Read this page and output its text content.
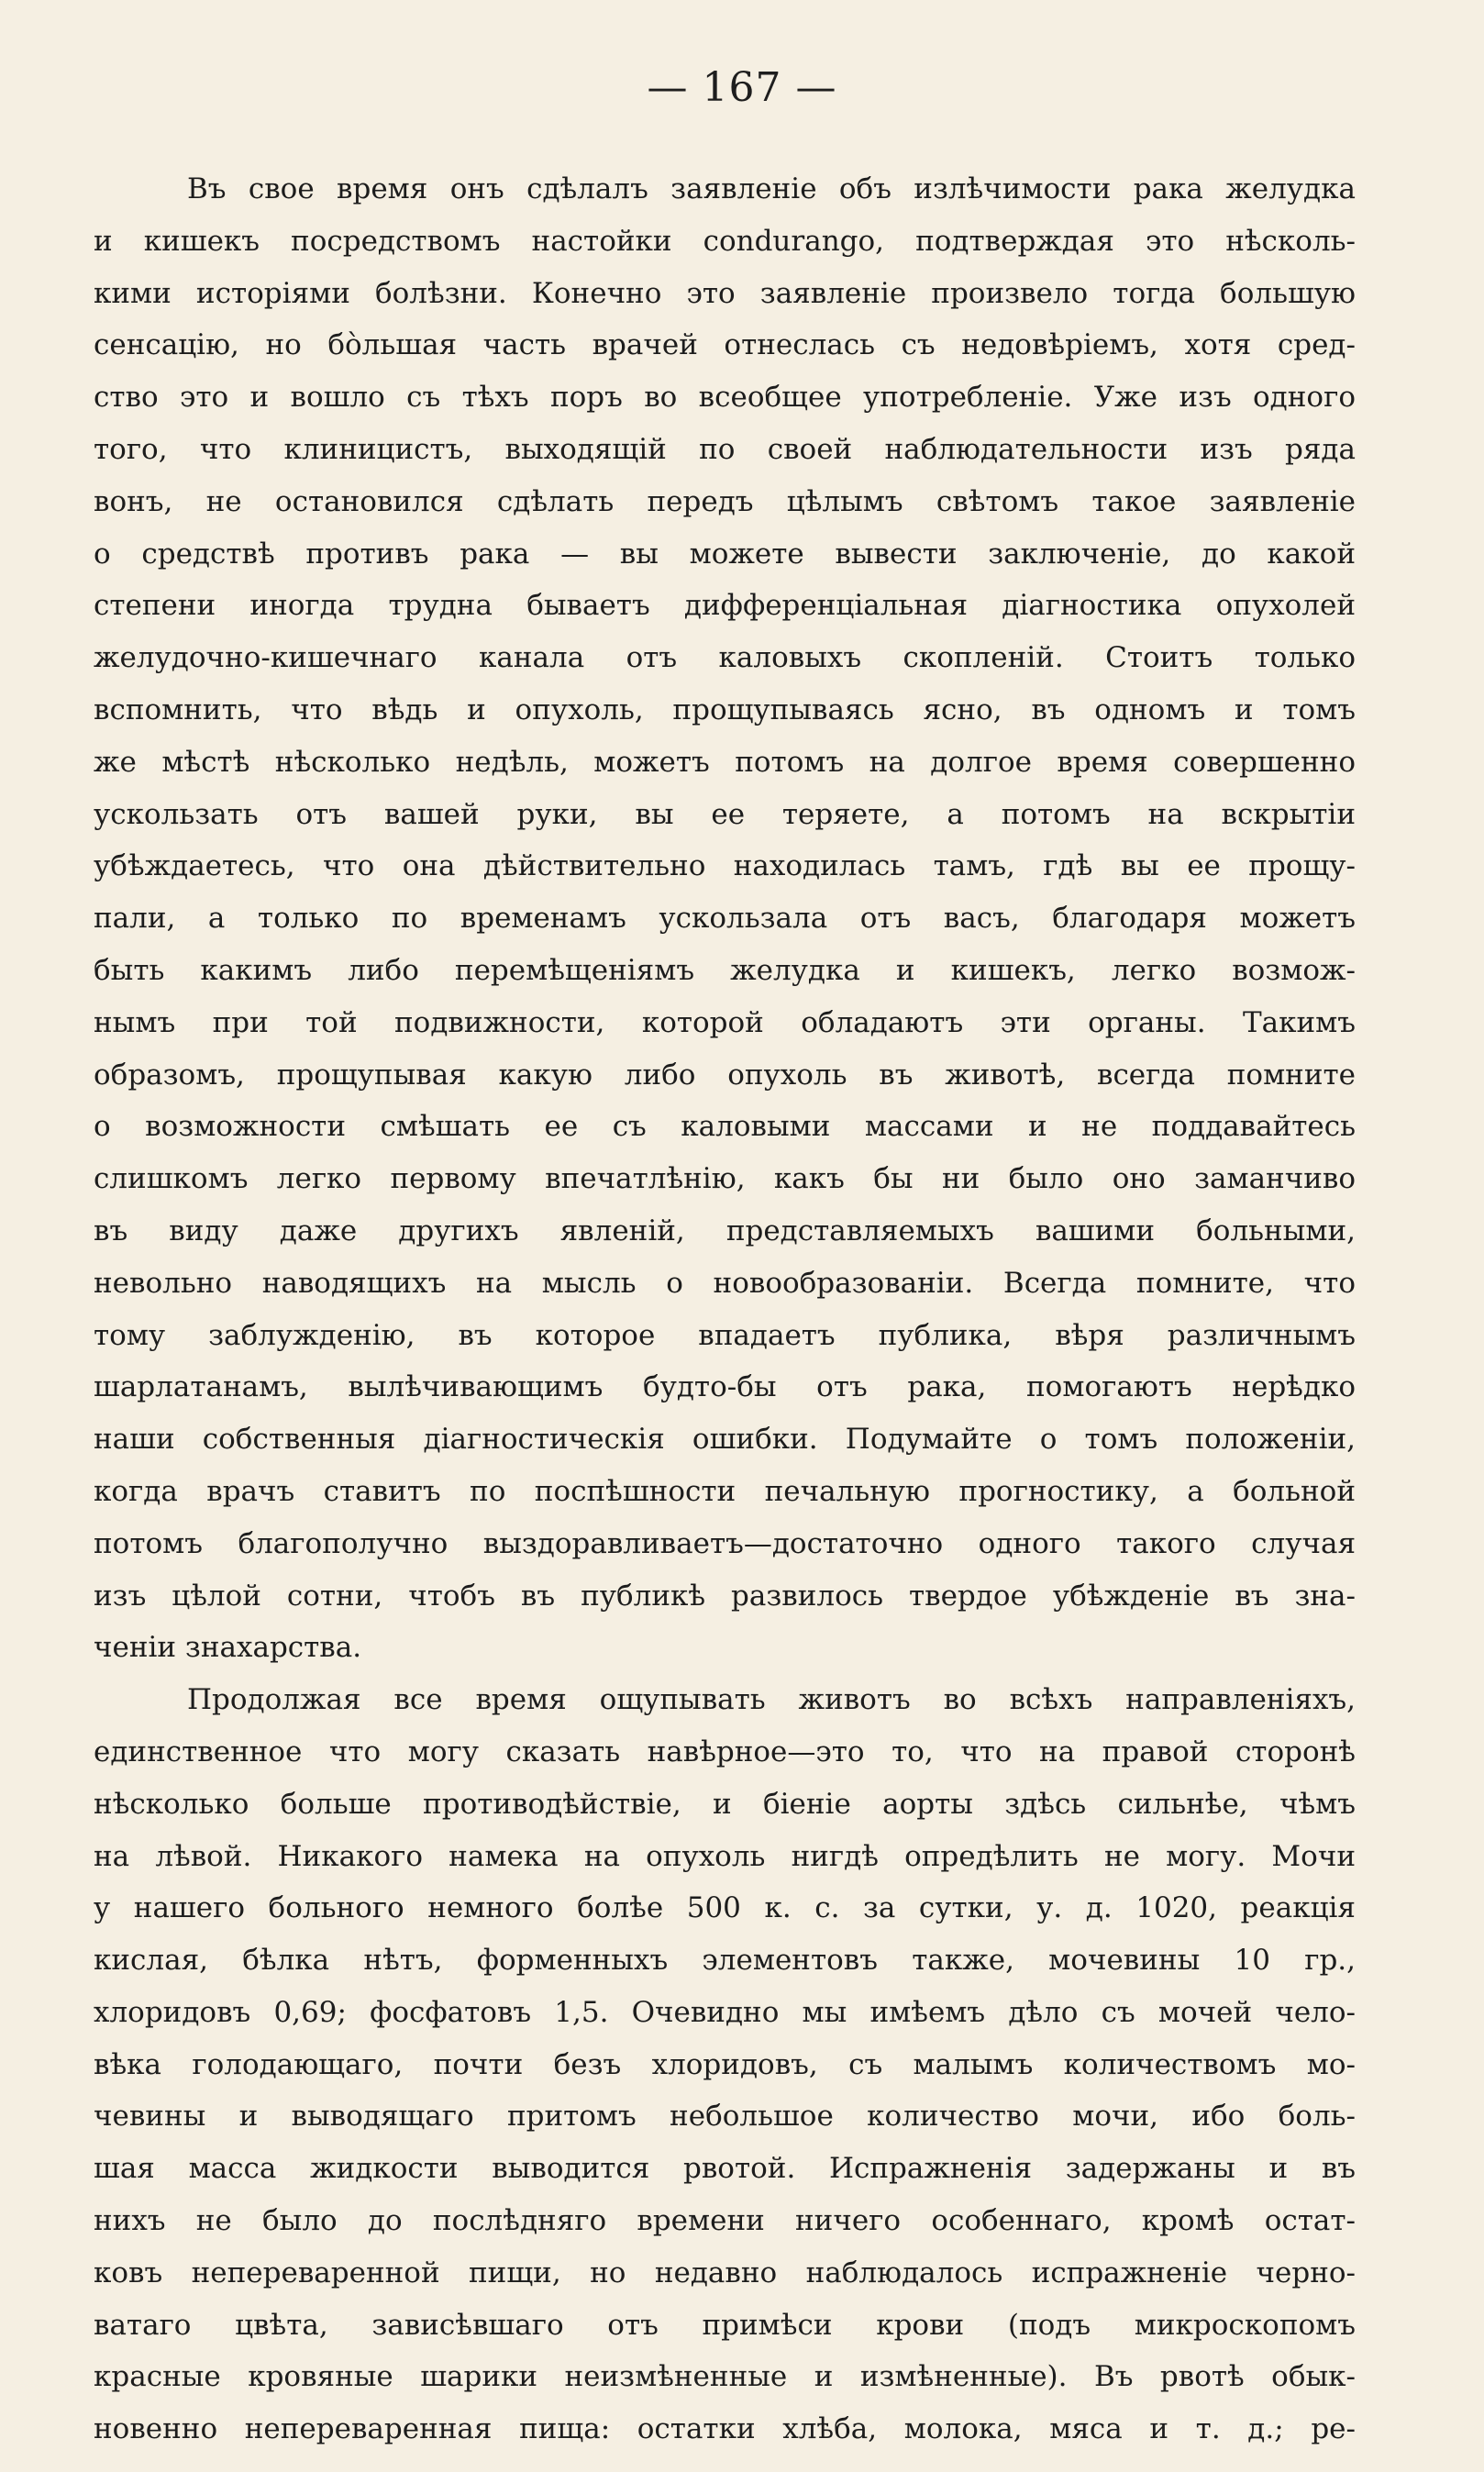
— 167 —
Въ свое время онъ сдѣлалъ заявленіе объ излѣчимости рака желудка
и кишекъ посредствомъ настойки condurango, подтверждая это нѣсколь-
кими исторіями болѣзни. Конечно это заявленіе произвело тогда большую
сенсацію, но бо̀льшая часть врачей отнеслась съ недовѣріемъ, хотя сред-
ство это и вошло съ тѣхъ поръ во всеобщее употребленіе. Уже изъ одного
того, что клиницистъ, выходящій по своей наблюдательности изъ ряда
вонъ, не остановился сдѣлать передъ цѣлымъ свѣтомъ такое заявленіе
о средствѣ противъ рака — вы можете вывести заключеніе, до какой
степени иногда трудна бываетъ дифференціальная діагностика опухолей
желудочно-кишечнаго канала отъ каловыхъ скопленій. Стоитъ только
вспомнить, что вѣдь и опухоль, прощупываясь ясно, въ одномъ и томъ
же мѣстѣ нѣсколько недѣль, можетъ потомъ на долгое время совершенно
ускользать отъ вашей руки, вы ее теряете, а потомъ на вскрытіи
убѣждаетесь, что она дѣйствительно находилась тамъ, гдѣ вы ее прощу-
пали, а только по временамъ ускользала отъ васъ, благодаря можетъ
быть какимъ либо перемѣщеніямъ желудка и кишекъ, легко возмож-
нымъ при той подвижности, которой обладаютъ эти органы. Такимъ
образомъ, прощупывая какую либо опухоль въ животѣ, всегда помните
о возможности смѣшать ее съ каловыми массами и не поддавайтесь
слишкомъ легко первому впечатлѣнію, какъ бы ни было оно заманчиво
въ виду даже другихъ явленій, представляемыхъ вашими больными,
невольно наводящихъ на мысль о новообразованіи. Всегда помните, что
тому заблужденію, въ которое впадаетъ публика, вѣря различнымъ
шарлатанамъ, вылѣчивающимъ будто-бы отъ рака, помогаютъ нерѣдко
наши собственныя діагностическія ошибки. Подумайте о томъ положеніи,
когда врачъ ставитъ по поспѣшности печальную прогностику, а больной
потомъ благополучно выздоравливаетъ—достаточно одного такого случая
изъ цѣлой сотни, чтобъ въ публикѣ развилось твердое убѣжденіе въ зна-
ченіи знахарства.
Продолжая все время ощупывать животъ во всѣхъ направленіяхъ,
единственное что могу сказать навѣрное—это то, что на правой сторонѣ
нѣсколько больше противодѣйствіе, и біеніе аорты здѣсь сильнѣе, чѣмъ
на лѣвой. Никакого намека на опухоль нигдѣ опредѣлить не могу. Мочи
у нашего больного немного болѣе 500 к. с. за сутки, у. д. 1020, реакція
кислая, бѣлка нѣтъ, форменныхъ элементовъ также, мочевины 10 гр.,
хлоридовъ 0,69; фосфатовъ 1,5. Очевидно мы имѣемъ дѣло съ мочей чело-
вѣка голодающаго, почти безъ хлоридовъ, съ малымъ количествомъ мо-
чевины и выводящаго притомъ небольшое количество мочи, ибо боль-
шая масса жидкости выводится рвотой. Испражненія задержаны и въ
нихъ не было до послѣдняго времени ничего особеннаго, кромѣ остат-
ковъ непереваренной пищи, но недавно наблюдалось испражненіе черно-
ватаго цвѣта, зависѣвшаго отъ примѣси крови (подъ микроскопомъ
красные кровяные шарики неизмѣненные и измѣненные). Въ рвотѣ обык-
новенно непереваренная пища: остатки хлѣба, молока, мяса и т. д.; ре-
